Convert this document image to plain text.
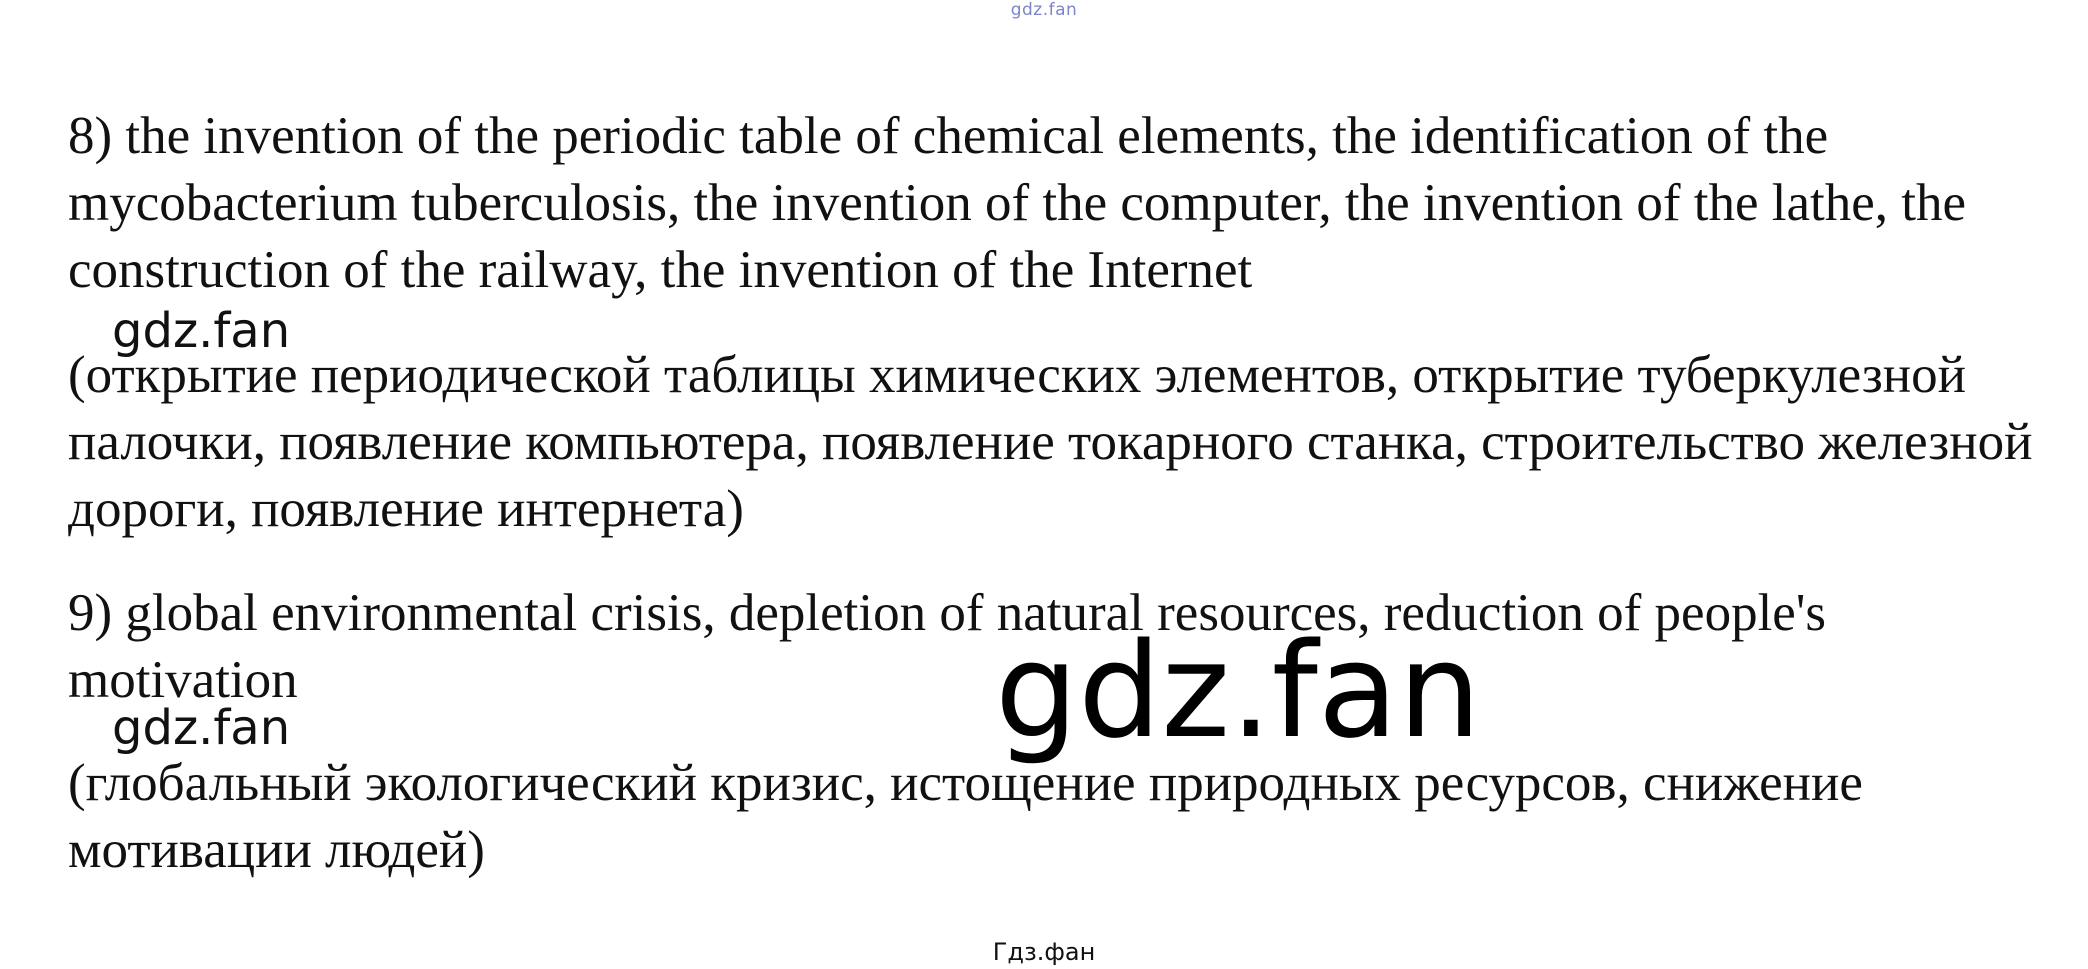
gdz.fan

8) the invention of the periodic table of chemical elements, the identification of the mycobacterium tuberculosis, the invention of the computer, the invention of the lathe, the construction of the railway, the invention of the Internet

gdz.fan

(открытие периодической таблицы химических элементов, открытие туберкулезной палочки, появление компьютера, появление токарного станка, строительство железной дороги, появление интернета)

9) global environmental crisis, depletion of natural resources, reduction of people's motivation

gdz.fan	gdz.fan

(глобальный экологический кризис, истощение природных ресурсов, снижение мотивации людей)

Гдз.фан
